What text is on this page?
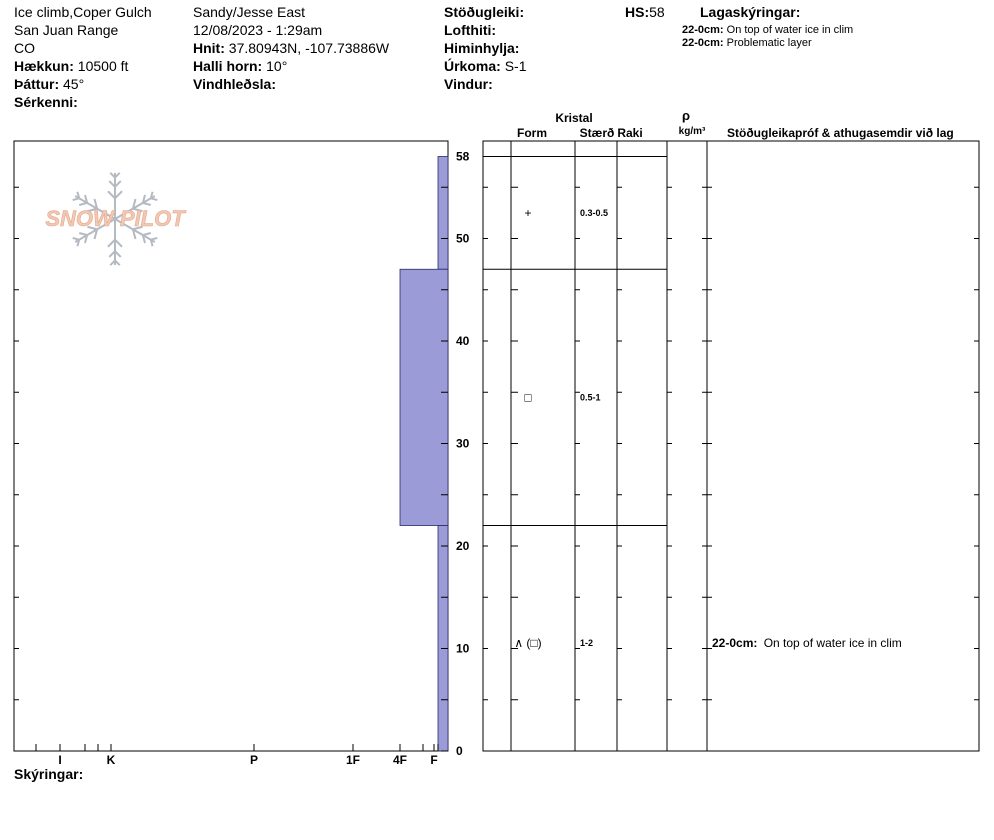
Ice climb,Coper Gulch
San Juan Range
CO
Hækkun: 10500 ft
Þáttur: 45°
Sérkenni:
Sandy/Jesse East
12/08/2023 - 1:29am
Hnit: 37.80943N, -107.73886W
Halli horn: 10°
Vindhleðsla:
Stöðugleiki:
Lofthiti:
Himinhylja:
Úrkoma: S-1
Vindur:
HS:58	Lagaskýringar:
22-0cm: On top of water ice in clim
22-0cm: Problematic layer
Skýringar:
SNOW PILOT
I	K	P	1F	4F F
0
10
20
30
40
50
58
Kristal
Form	Stærð Raki
ρ
kg/m³ Stöðugleikapróf & athugasemdir við lag
+	0.3-0.5
□	0.5-1
∧ (□)	1-2	22-0cm: On top of water ice in clim
